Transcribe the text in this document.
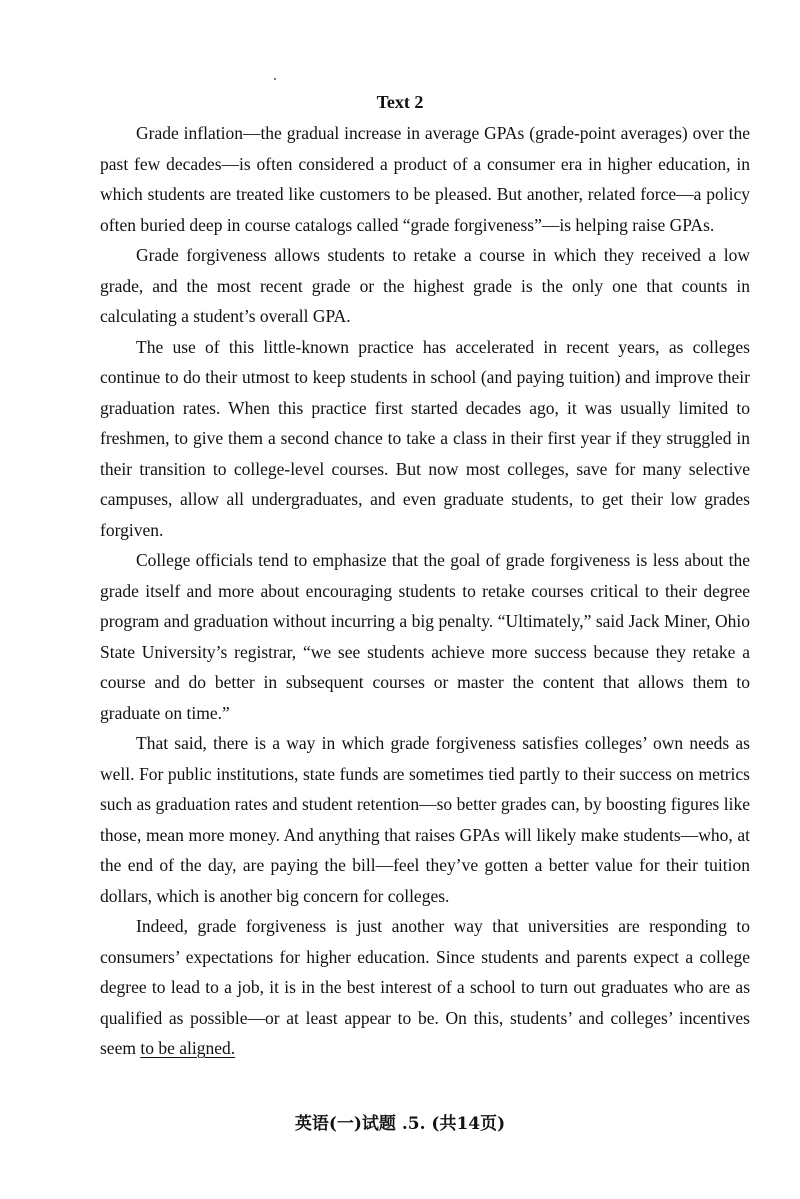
Text 2

Grade inflation—the gradual increase in average GPAs (grade-point averages) over the past few decades—is often considered a product of a consumer era in higher education, in which students are treated like customers to be pleased. But another, related force—a policy often buried deep in course catalogs called “grade forgiveness”—is helping raise GPAs.

Grade forgiveness allows students to retake a course in which they received a low grade, and the most recent grade or the highest grade is the only one that counts in calculating a student’s overall GPA.

The use of this little-known practice has accelerated in recent years, as colleges continue to do their utmost to keep students in school (and paying tuition) and improve their graduation rates. When this practice first started decades ago, it was usually limited to freshmen, to give them a second chance to take a class in their first year if they struggled in their transition to college-level courses. But now most colleges, save for many selective campuses, allow all undergraduates, and even graduate students, to get their low grades forgiven.

College officials tend to emphasize that the goal of grade forgiveness is less about the grade itself and more about encouraging students to retake courses critical to their degree program and graduation without incurring a big penalty. “Ultimately,” said Jack Miner, Ohio State University’s registrar, “we see students achieve more success because they retake a course and do better in subsequent courses or master the content that allows them to graduate on time.”

That said, there is a way in which grade forgiveness satisfies colleges’ own needs as well. For public institutions, state funds are sometimes tied partly to their success on metrics such as graduation rates and student retention—so better grades can, by boosting figures like those, mean more money. And anything that raises GPAs will likely make students—who, at the end of the day, are paying the bill—feel they’ve gotten a better value for their tuition dollars, which is another big concern for colleges.

Indeed, grade forgiveness is just another way that universities are responding to consumers’ expectations for higher education. Since students and parents expect a college degree to lead to a job, it is in the best interest of a school to turn out graduates who are as qualified as possible—or at least appear to be. On this, students’ and colleges’ incentives seem to be aligned.

英语(一)试题 .5. (共14页)
